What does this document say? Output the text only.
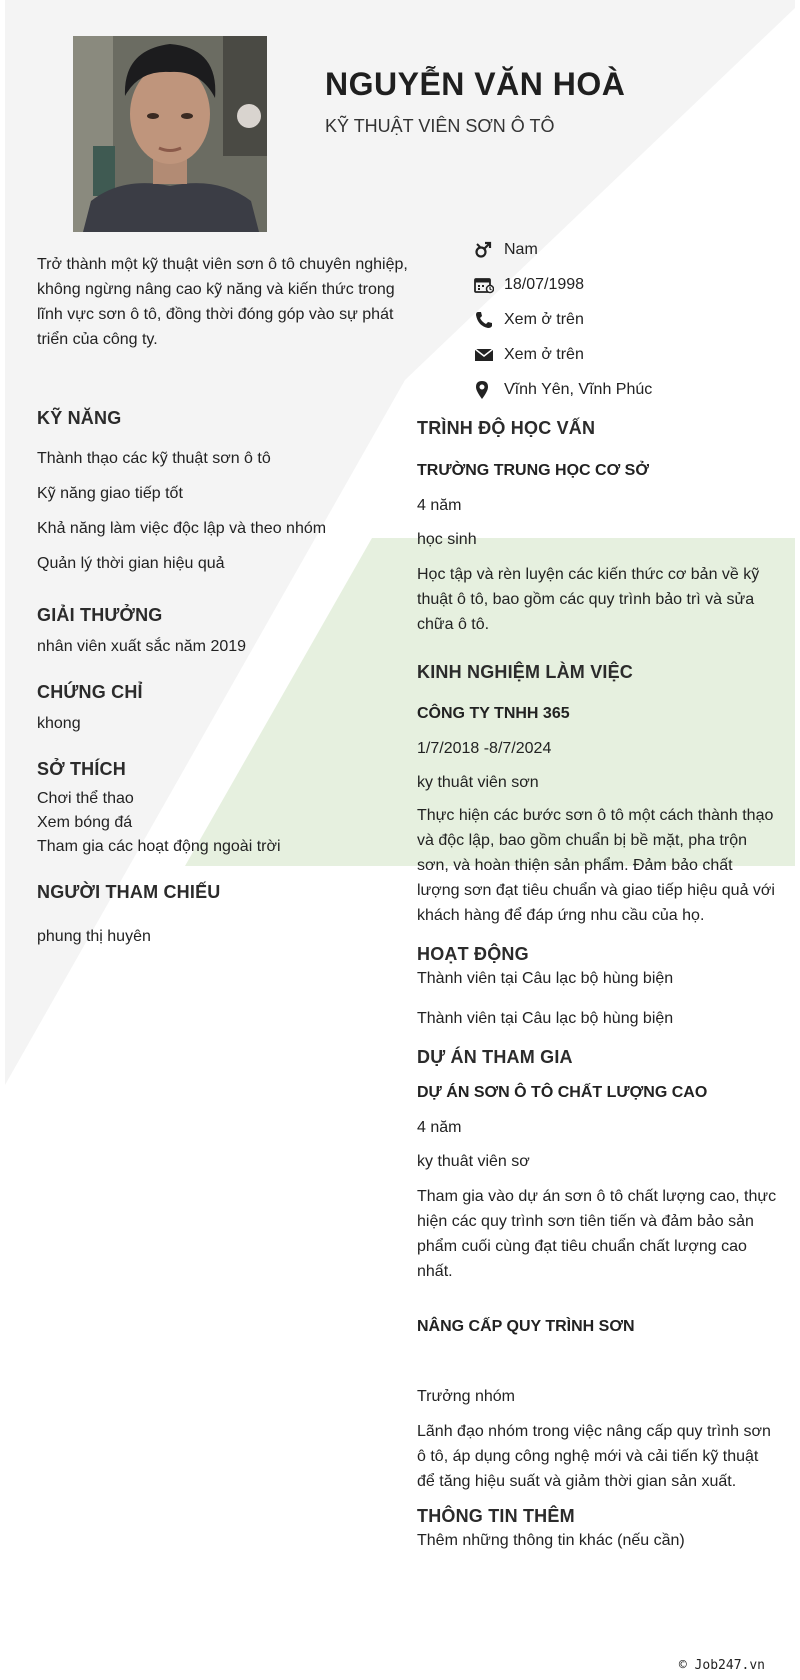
NGUYỄN VĂN HOÀ
KỸ THUẬT VIÊN SƠN Ô TÔ
Trở thành một kỹ thuật viên sơn ô tô chuyên nghiệp, không ngừng nâng cao kỹ năng và kiến thức trong lĩnh vực sơn ô tô, đồng thời đóng góp vào sự phát triển của công ty.
Nam
18/07/1998
Xem ở trên
Xem ở trên
Vĩnh Yên, Vĩnh Phúc
KỸ NĂNG
Thành thạo các kỹ thuật sơn ô tô
Kỹ năng giao tiếp tốt
Khả năng làm việc độc lập và theo nhóm
Quản lý thời gian hiệu quả
GIẢI THƯỞNG
nhân viên xuất sắc năm 2019
CHỨNG CHỈ
khong
SỞ THÍCH
Chơi thể thao
Xem bóng đá
Tham gia các hoạt động ngoài trời
NGƯỜI THAM CHIẾU
phung thị huyên
TRÌNH ĐỘ HỌC VẤN
TRƯỜNG TRUNG HỌC CƠ SỞ
4 năm
học sinh
Học tập và rèn luyện các kiến thức cơ bản về kỹ thuật ô tô, bao gồm các quy trình bảo trì và sửa chữa ô tô.
KINH NGHIỆM LÀM VIỆC
CÔNG TY TNHH 365
1/7/2018 -8/7/2024
ky thuât viên sơn
Thực hiện các bước sơn ô tô một cách thành thạo và độc lập, bao gồm chuẩn bị bề mặt, pha trộn sơn, và hoàn thiện sản phẩm. Đảm bảo chất lượng sơn đạt tiêu chuẩn và giao tiếp hiệu quả với khách hàng để đáp ứng nhu cầu của họ.
HOẠT ĐỘNG
Thành viên tại Câu lạc bộ hùng biện
Thành viên tại Câu lạc bộ hùng biện
DỰ ÁN THAM GIA
DỰ ÁN SƠN Ô TÔ CHẤT LƯỢNG CAO
4 năm
ky thuât viên sơ
Tham gia vào dự án sơn ô tô chất lượng cao, thực hiện các quy trình sơn tiên tiến và đảm bảo sản phẩm cuối cùng đạt tiêu chuẩn chất lượng cao nhất.
NÂNG CẤP QUY TRÌNH SƠN
Trưởng nhóm
Lãnh đạo nhóm trong việc nâng cấp quy trình sơn ô tô, áp dụng công nghệ mới và cải tiến kỹ thuật để tăng hiệu suất và giảm thời gian sản xuất.
THÔNG TIN THÊM
Thêm những thông tin khác (nếu cần)
© Job247.vn
